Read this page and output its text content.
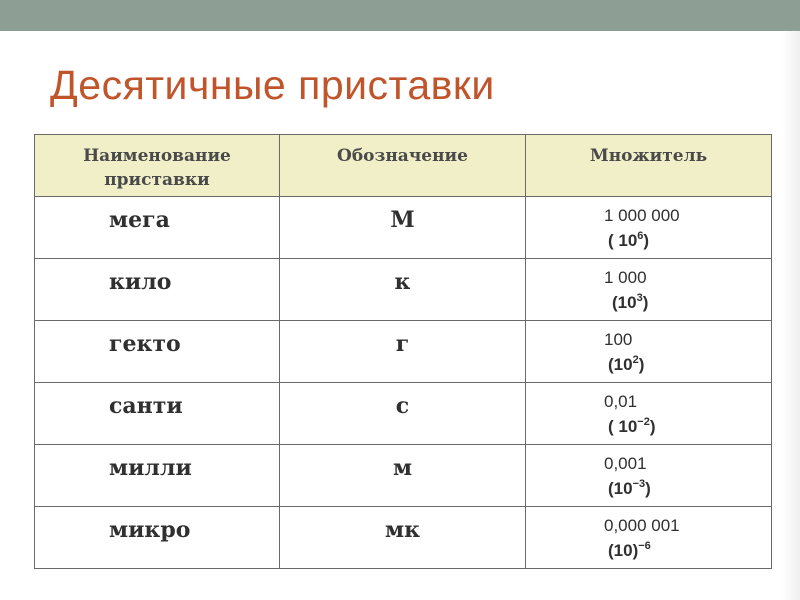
Десятичные приставки
Наименование
приставки	Обозначение	Множитель
мега	М	1 000 000
( $10^6$)

кило	к	1 000
$(10^3)$

гекто	г	100
$(10^2)$

санти	с	0,01
( $10^{-2}$)

милли	м	0,001
$(10^{-3})$

микро	мк	0,000 001
$(10)^{-6}$
